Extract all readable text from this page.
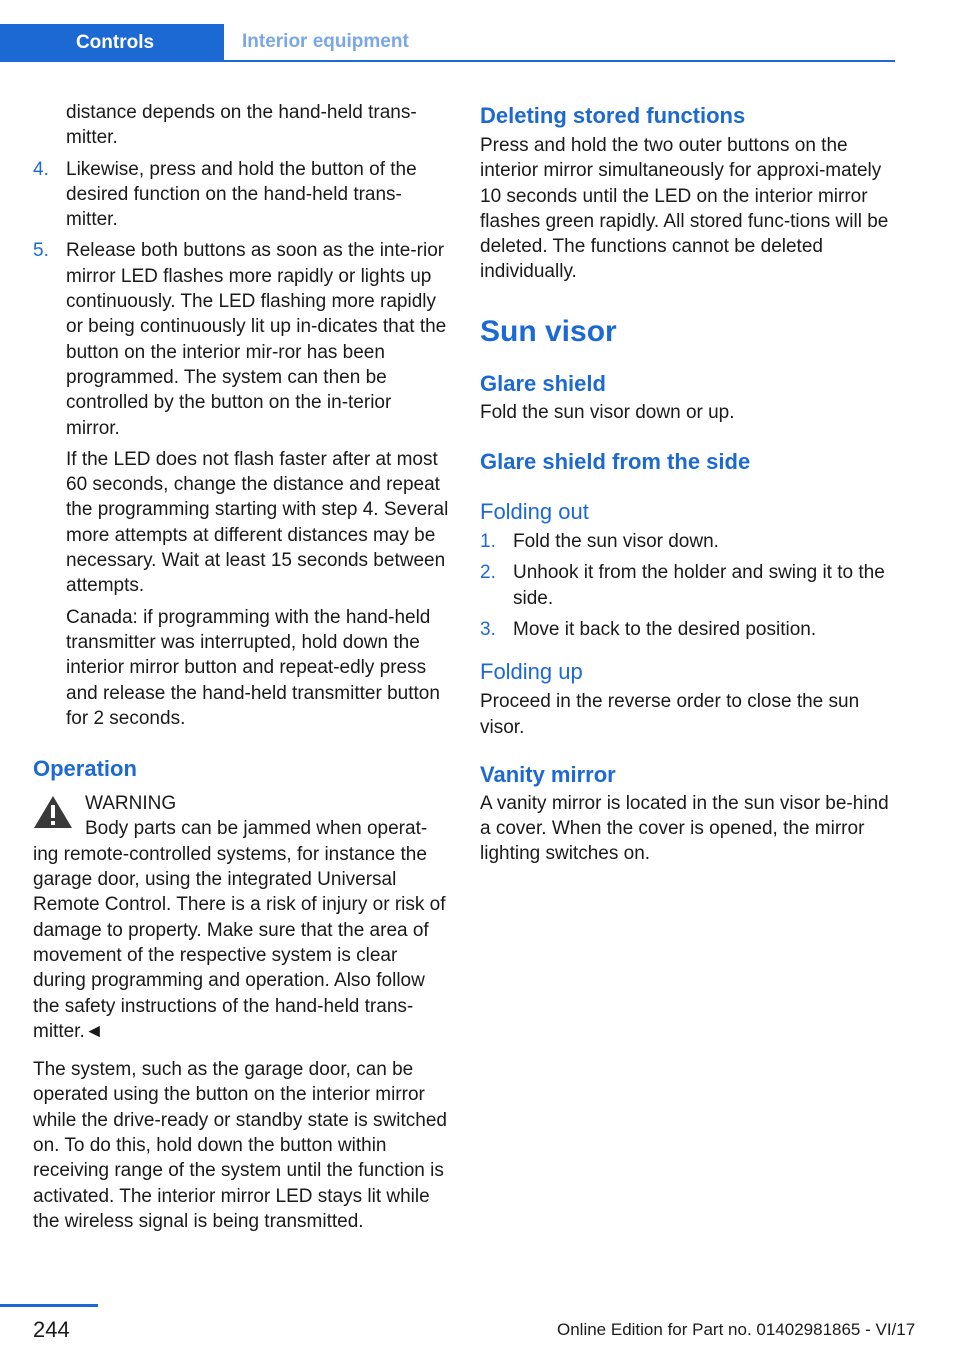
Controls	Interior equipment

distance depends on the hand-held trans-mitter.

4. Likewise, press and hold the button of the desired function on the hand-held trans-mitter.
5. Release both buttons as soon as the inte-rior mirror LED flashes more rapidly or lights up continuously. The LED flashing more rapidly or being continuously lit up in-dicates that the button on the interior mir-ror has been programmed. The system can then be controlled by the button on the in-terior mirror.

If the LED does not flash faster after at most 60 seconds, change the distance and repeat the programming starting with step 4. Several more attempts at different distances may be necessary. Wait at least 15 seconds between attempts.

Canada: if programming with the hand-held transmitter was interrupted, hold down the interior mirror button and repeat-edly press and release the hand-held transmitter button for 2 seconds.

Operation

WARNING

Body parts can be jammed when operat-

ing remote-controlled systems, for instance the garage door, using the integrated Universal Remote Control. There is a risk of injury or risk of damage to property. Make sure that the area of movement of the respective system is clear during programming and operation. Also follow the safety instructions of the hand-held trans-mitter.◄

The system, such as the garage door, can be operated using the button on the interior mirror while the drive-ready or standby state is switched on. To do this, hold down the button within receiving range of the system until the function is activated. The interior mirror LED stays lit while the wireless signal is being transmitted.

Deleting stored functions

Press and hold the two outer buttons on the interior mirror simultaneously for approxi-mately 10 seconds until the LED on the interior mirror flashes green rapidly. All stored func-tions will be deleted. The functions cannot be deleted individually.

Sun visor
Glare shield

Fold the sun visor down or up.

Glare shield from the side
Folding out
1. Fold the sun visor down.
2. Unhook it from the holder and swing it to the side.
3. Move it back to the desired position.
Folding up

Proceed in the reverse order to close the sun visor.

Vanity mirror

A vanity mirror is located in the sun visor be-hind a cover. When the cover is opened, the mirror lighting switches on.

244	Online Edition for Part no. 01402981865 - VI/17
